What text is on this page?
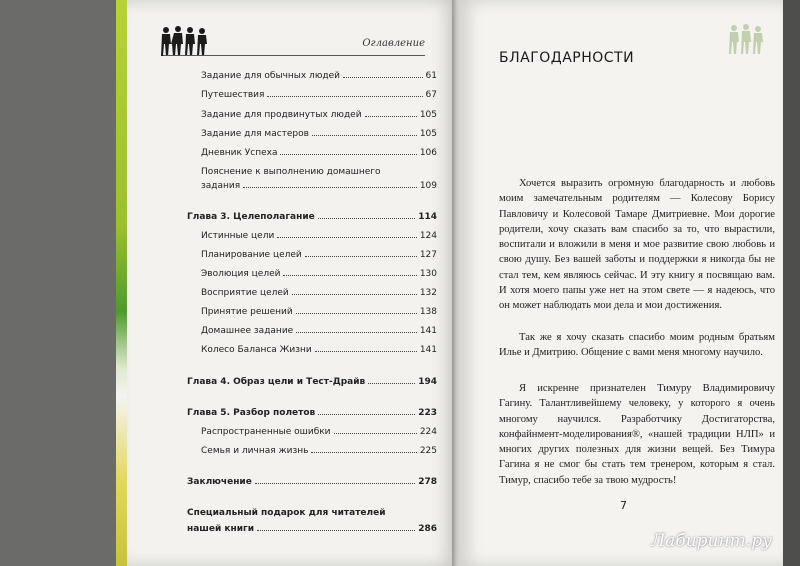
Оглавление

Задание для обычных людей	61
Путешествия	67
Задание для продвинутых людей	105
Задание для мастеров	105
Дневник Успеха	106
Пояснение к выполнению домашнего
задания	109
Глава 3. Целеполагание	114
Истинные цели	124
Планирование целей	127
Эволюция целей	130
Восприятие целей	132
Принятие решений	138
Домашнее задание	141
Колесо Баланса Жизни	141
Глава 4. Образ цели и Тест-Драйв	194
Глава 5. Разбор полетов	223
Распространенные ошибки	224
Семья и личная жизнь	225
Заключение	278
Специальный подарок для читателей
нашей книги	286
БЛАГОДАРНОСТИ

Хочется выразить огромную благодарность и любовь моим замечательным родителям — Колесову Борису Павловичу и Колесовой Тамаре Дмитриевне. Мои дорогие родители, хочу сказать вам спасибо за то, что вырастили, воспитали и вложили в меня и мое развитие свою любовь и свою душу. Без вашей заботы и поддержки я никогда бы не стал тем, кем являюсь сейчас. И эту книгу я посвящаю вам. И хотя моего папы уже нет на этом свете — я надеюсь, что он может наблюдать мои дела и мои достижения.

Так же я хочу сказать спасибо моим родным братьям Илье и Дмитрию. Общение с вами меня многому научило.

Я искренне признателен Тимуру Владимировичу Гагину. Талантливейшему человеку, у которого я очень многому научился. Разработчику Достигаторства, конфайнмент-моделирования®, «нашей традиции НЛП» и многих других полезных для жизни вещей. Без Тимура Гагина я не смог бы стать тем тренером, которым я стал. Тимур, спасибо тебе за твою мудрость!

7
Лабиринт.ру
